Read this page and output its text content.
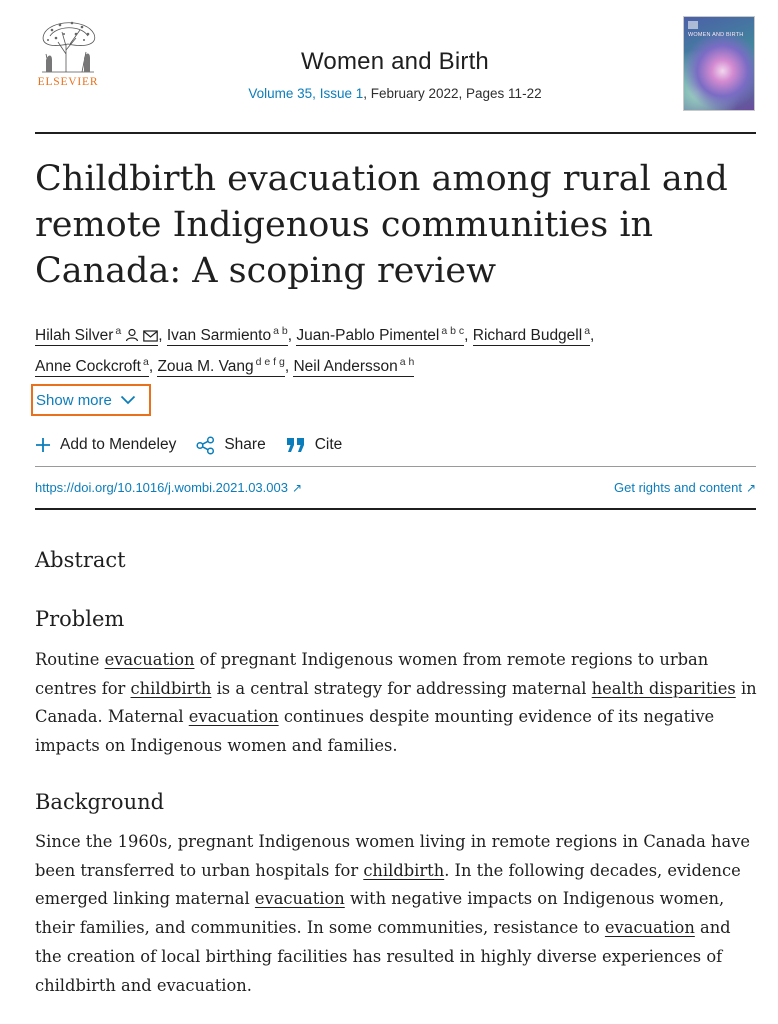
ELSEVIER
Women and Birth
Volume 35, Issue 1, February 2022, Pages 11-22
WOMEN AND BIRTH
Childbirth evacuation among rural and remote Indigenous communities in Canada: A scoping review
Hilah Silver $^a$ , Ivan Sarmiento $^{a b}$, Juan-Pablo Pimentel $^{a b c}$, Richard Budgell $^a$,
Anne Cockcroft $^a$, Zoua M. Vang $^{d e f g}$, Neil Andersson $^{a h}$
Show more
Add to Mendeley	Share	Cite
https://doi.org/10.1016/j.wombi.2021.03.003 ↗	Get rights and content ↗
Abstract
Problem

Routine evacuation of pregnant Indigenous women from remote regions to urban centres for childbirth is a central strategy for addressing maternal health disparities in Canada. Maternal evacuation continues despite mounting evidence of its negative impacts on Indigenous women and families.

Background

Since the 1960s, pregnant Indigenous women living in remote regions in Canada have been transferred to urban hospitals for childbirth. In the following decades, evidence emerged linking maternal evacuation with negative impacts on Indigenous women, their families, and communities. In some communities, resistance to evacuation and the creation of local birthing facilities has resulted in highly diverse experiences of childbirth and evacuation.
